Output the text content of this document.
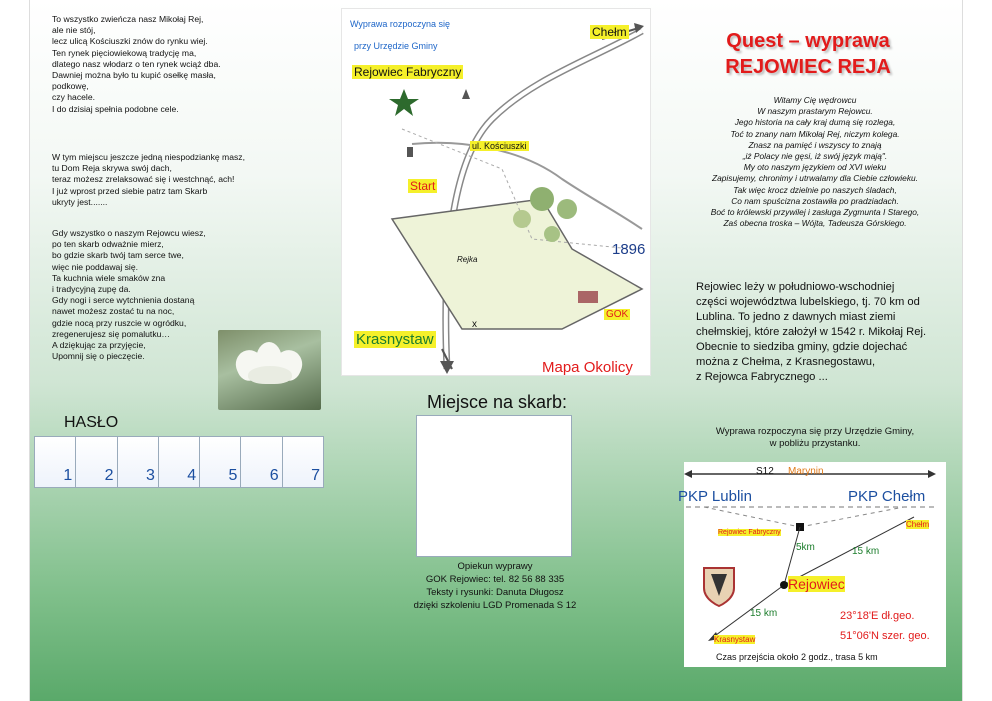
To wszystko zwieńcza nasz Mikołaj Rej,
ale nie stój,
lecz ulicą Kościuszki znów do rynku wiej.
Ten rynek pięciowiekową tradycję ma,
dlatego nasz włodarz o ten rynek wciąż dba.
Dawniej można było tu kupić osełkę masła,
podkowę,
czy hacele.
I do dzisiaj spełnia podobne cele.
W tym miejscu jeszcze jedną niespodziankę masz,
tu Dom Reja skrywa swój dach,
teraz możesz zrelaksować się i westchnąć, ach!
I już wprost przed siebie patrz tam Skarb
ukryty jest.......
Gdy wszystko o naszym Rejowcu wiesz,
po ten skarb odważnie mierz,
bo gdzie skarb twój tam serce twe,
więc nie poddawaj się.
Ta kuchnia wiele smaków zna
i tradycyjną zupę da.
Gdy nogi i serce wytchnienia dostaną
nawet możesz zostać tu na noc,
gdzie nocą przy ruszcie w ogródku,
zregenerujesz się pomalutku…
A dziękując za przyjęcie,
Upomnij się o pieczęcie.
HASŁO
1 2 3 4 5 6 7
Wyprawa rozpoczyna się
przy Urzędzie Gminy
Chełm
Rejowiec Fabryczny
ul. Kościuszki
Start
1896
Rejka
GOK
Krasnystaw
x
Mapa Okolicy
Miejsce na skarb:
Opiekun wyprawy
GOK Rejowiec: tel. 82 56 88 335
Teksty i rysunki: Danuta Długosz
dzięki szkoleniu LGD Promenada S 12
Quest – wyprawa
REJOWIEC REJA
Witamy Cię wędrowcu
W naszym prastarym Rejowcu.
Jego historia na cały kraj dumą się rozlega,
Toć to znany nam Mikołaj Rej, niczym kolega.
Znasz na pamięć i wszyscy to znają
„iż Polacy nie gęsi, iż swój język mają".
My oto naszym językiem od XVI wieku
Zapisujemy, chronimy i utrwalamy dla Ciebie człowieku.
Tak więc krocz dzielnie po naszych śladach,
Co nam spuścizna zostawiła po pradziadach.
Boć to królewski przywilej i zasługa Zygmunta I Starego,
Zaś obecna troska – Wójta, Tadeusza Górskiego.
Rejowiec leży w południowo-wschodniej
części województwa lubelskiego, tj. 70 km od
Lublina. To jedno z dawnych miast ziemi
chełmskiej, które założył w 1542 r. Mikołaj Rej.
Obecnie to siedziba gminy, gdzie dojechać
można z Chełma, z Krasnegostawu,
z Rejowca Fabrycznego ...
Wyprawa rozpoczyna się przy Urzędzie Gminy,
w pobliżu przystanku.
S12 Marynin
PKP Lublin	PKP Chełm
Rejowiec Fabryczny
Chełm
5km	15 km
Rejowiec
15 km	23°18'E dł.geo.
51°06'N szer. geo.
Krasnystaw
Czas przejścia około 2 godz., trasa 5 km
